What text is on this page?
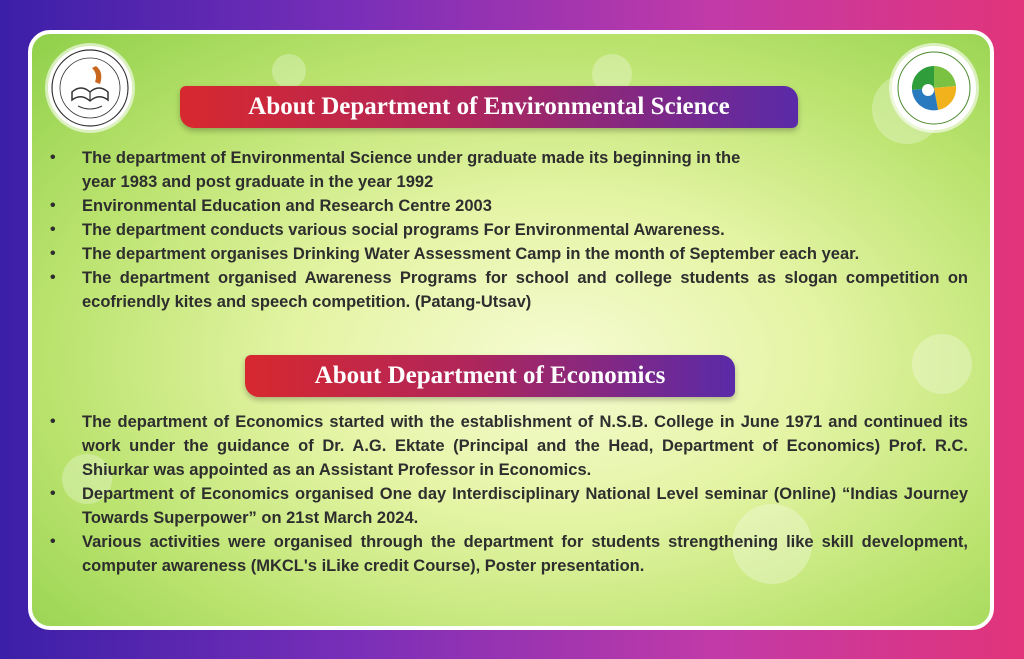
About Department of Environmental Science
• The department of Environmental Science under graduate made its beginning in the year 1983 and post graduate in the year 1992
• Environmental Education and Research Centre 2003
• The department conducts various social programs For Environmental Awareness.
• The department organises Drinking Water Assessment Camp in the month of September each year.
• The department organised Awareness Programs for school and college students as slogan competition on ecofriendly kites and speech competition. (Patang-Utsav)
About Department of Economics
• The department of Economics started with the establishment of N.S.B. College in June 1971 and continued its work under the guidance of Dr. A.G. Ektate (Principal and the Head, Department of Economics) Prof. R.C. Shiurkar was appointed as an Assistant Professor in Economics.
• Department of Economics organised One day Interdisciplinary National Level seminar (Online) “Indias Journey Towards Superpower” on 21st March 2024.
• Various activities were organised through the department for students strengthening like skill development, computer awareness (MKCL's iLike credit Course), Poster presentation.
